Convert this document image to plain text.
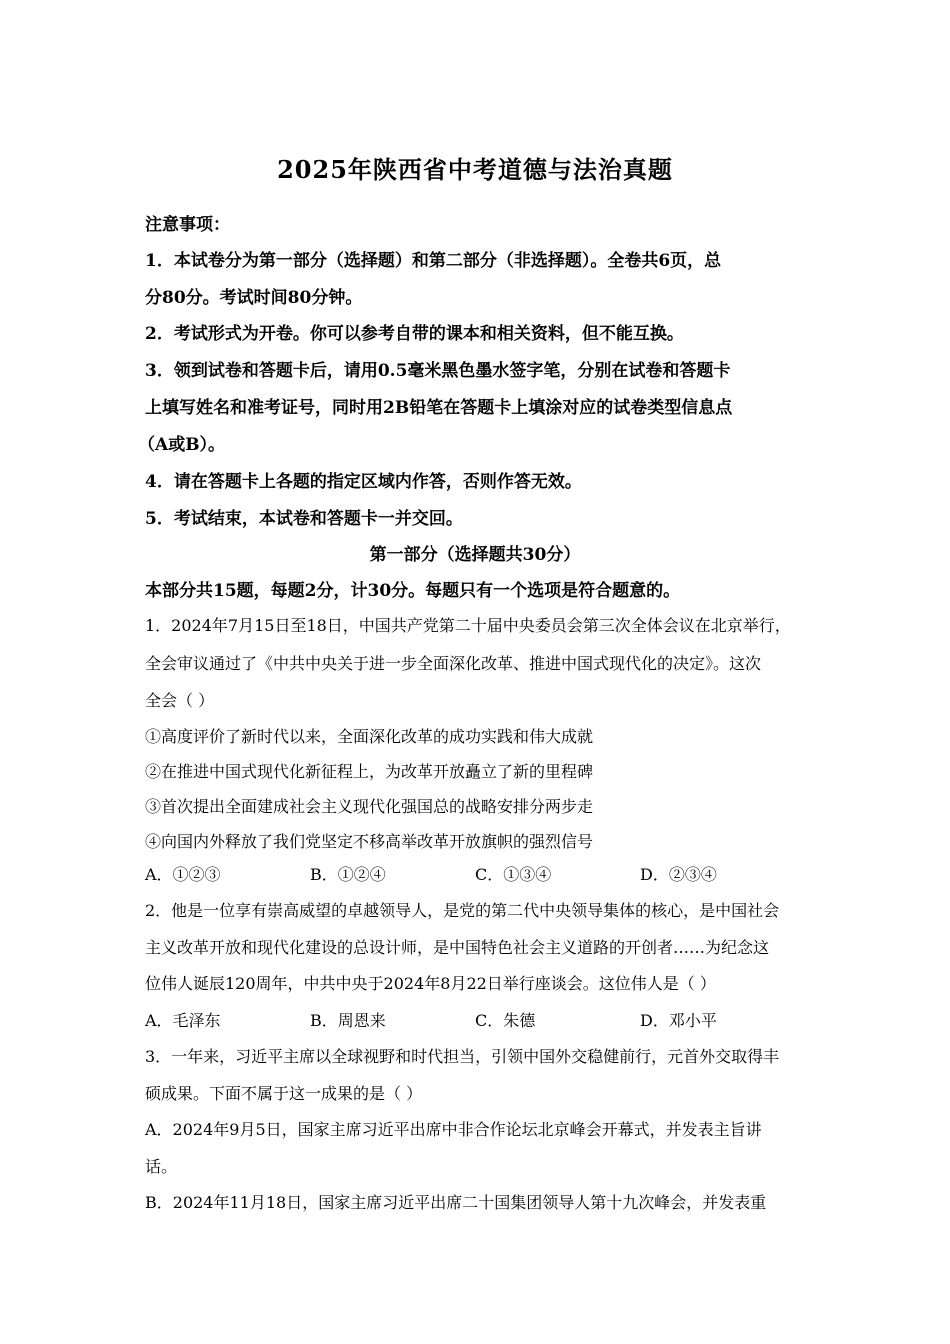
2025年陕西省中考道德与法治真题
注意事项：
1．本试卷分为第一部分（选择题）和第二部分（非选择题）。全卷共6页，总
分80分。考试时间80分钟。
2．考试形式为开卷。你可以参考自带的课本和相关资料，但不能互换。
3．领到试卷和答题卡后，请用0.5毫米黑色墨水签字笔，分别在试卷和答题卡
上填写姓名和准考证号，同时用2B铅笔在答题卡上填涂对应的试卷类型信息点
（A或B）。
4．请在答题卡上各题的指定区域内作答，否则作答无效。
5．考试结束，本试卷和答题卡一并交回。
第一部分（选择题共30分）
本部分共15题，每题2分，计30分。每题只有一个选项是符合题意的。
1．2024年7月15日至18日，中国共产党第二十届中央委员会第三次全体会议在北京举行，
全会审议通过了《中共中央关于进一步全面深化改革、推进中国式现代化的决定》。这次
全会（ ）
①高度评价了新时代以来，全面深化改革的成功实践和伟大成就
②在推进中国式现代化新征程上，为改革开放矗立了新的里程碑
③首次提出全面建成社会主义现代化强国总的战略安排分两步走
④向国内外释放了我们党坚定不移高举改革开放旗帜的强烈信号
A．①②③	B．①②④	C．①③④	D．②③④
2．他是一位享有崇高威望的卓越领导人，是党的第二代中央领导集体的核心，是中国社会
主义改革开放和现代化建设的总设计师，是中国特色社会主义道路的开创者……为纪念这
位伟人诞辰120周年，中共中央于2024年8月22日举行座谈会。这位伟人是（ ）
A．毛泽东	B．周恩来	C．朱德	D．邓小平
3．一年来，习近平主席以全球视野和时代担当，引领中国外交稳健前行，元首外交取得丰
硕成果。下面不属于这一成果的是（ ）
A．2024年9月5日，国家主席习近平出席中非合作论坛北京峰会开幕式，并发表主旨讲
话。
B．2024年11月18日，国家主席习近平出席二十国集团领导人第十九次峰会，并发表重
